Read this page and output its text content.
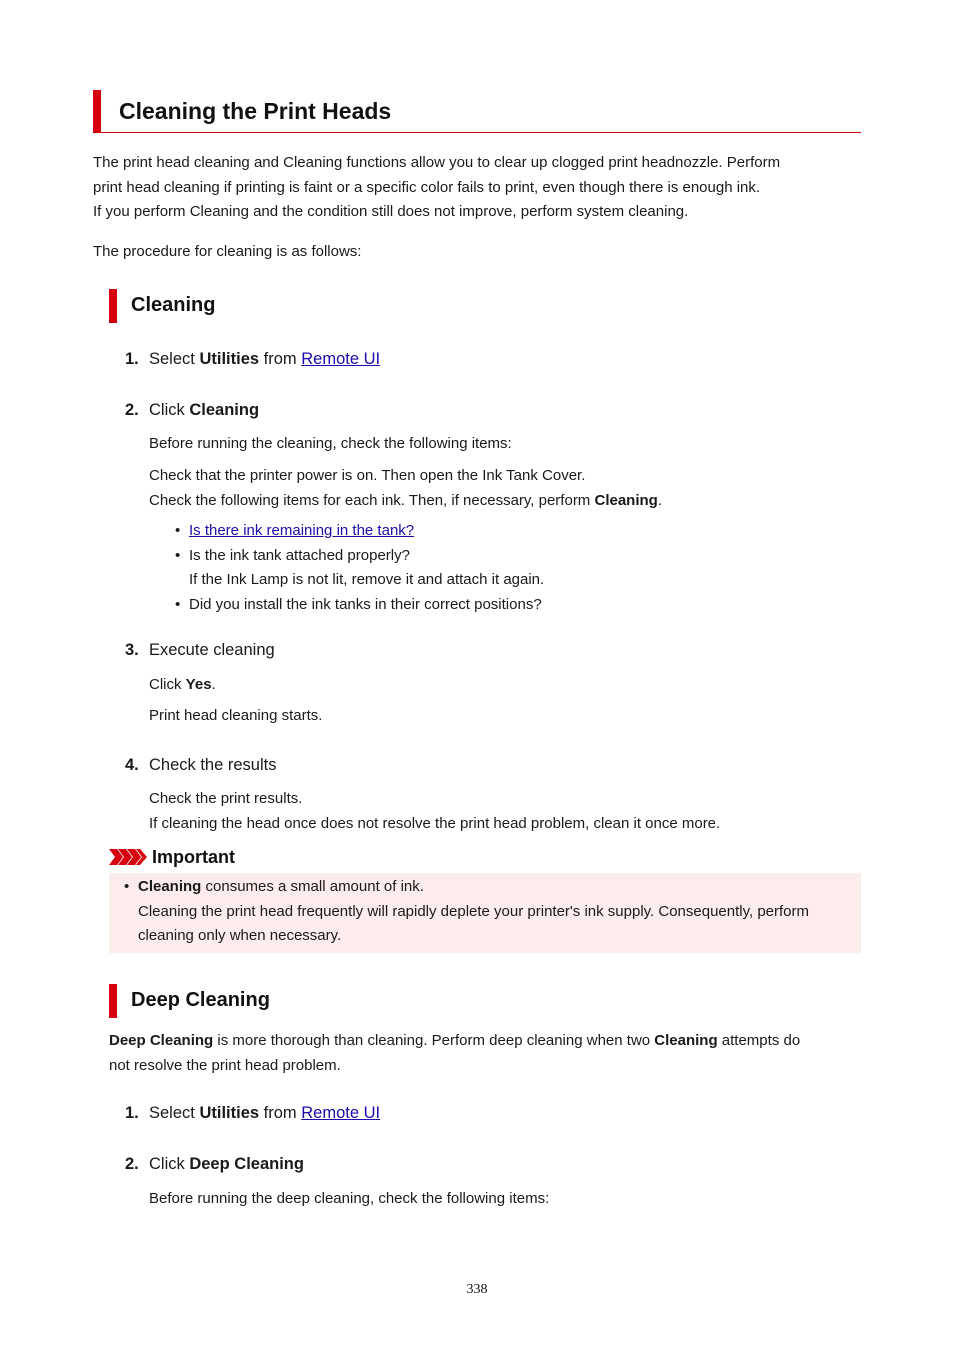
Cleaning the Print Heads
The print head cleaning and Cleaning functions allow you to clear up clogged print headnozzle. Perform
print head cleaning if printing is faint or a specific color fails to print, even though there is enough ink.
If you perform Cleaning and the condition still does not improve, perform system cleaning.
The procedure for cleaning is as follows:
Cleaning
1. Select Utilities from Remote UI
2. Click Cleaning
Before running the cleaning, check the following items:
Check that the printer power is on. Then open the Ink Tank Cover.
Check the following items for each ink. Then, if necessary, perform Cleaning.
• Is there ink remaining in the tank?
• Is the ink tank attached properly?
If the Ink Lamp is not lit, remove it and attach it again.
• Did you install the ink tanks in their correct positions?
3. Execute cleaning
Click Yes.
Print head cleaning starts.
4. Check the results
Check the print results.
If cleaning the head once does not resolve the print head problem, clean it once more.
Important
• Cleaning consumes a small amount of ink.
Cleaning the print head frequently will rapidly deplete your printer's ink supply. Consequently, perform
cleaning only when necessary.
Deep Cleaning
Deep Cleaning is more thorough than cleaning. Perform deep cleaning when two Cleaning attempts do
not resolve the print head problem.
1. Select Utilities from Remote UI
2. Click Deep Cleaning
Before running the deep cleaning, check the following items:
338
